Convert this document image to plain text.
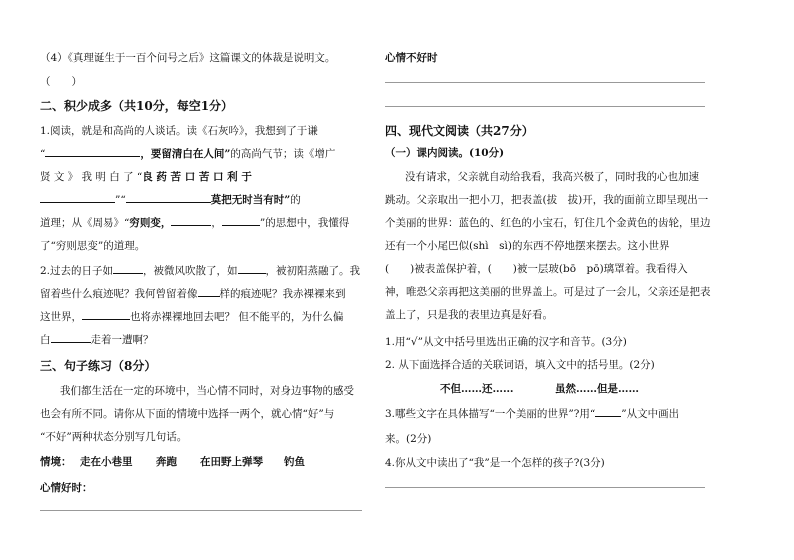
（4）《真理诞生于一百个问号之后》这篇课文的体裁是说明文。
（　　）
二、积少成多（共10分，每空1分）
1.阅读，就是和高尚的人谈话。读《石灰吟》，我想到了于谦
“	，要留清白在人间”的高尚气节；读《增广
贤 文 》 我 明 白 了 “良 药 苦 口 苦 口 利 于
”“	莫把无时当有时”的
道理；从《周易》“穷则变，	，	”的思想中，我懂得
了“穷则思变”的道理。
2.过去的日子如	，被微风吹散了，如	，被初阳蒸融了。我
留着些什么痕迹呢？我何曾留着像 样的痕迹呢？我赤裸裸来到
这世界，	也将赤裸裸地回去吧？ 但不能平的，为什么偏
白	走着一遭啊？
三、句子练习（8分）
我们都生活在一定的环境中，当心情不同时，对身边事物的感受
也会有所不同。请你从下面的情境中选择一两个，就心情“好”与
“不好”两种状态分别写几句话。
情境： 走在小巷里 奔跑 在田野上弹琴 钓鱼
心情好时：
心情不好时
四、现代文阅读（共27分）
（一）课内阅读。(10分)
没有请求，父亲就自动给我看，我高兴极了，同时我的心也加速
跳动。父亲取出一把小刀，把表盖(拔　拔)开，我的面前立即呈现出一
个美丽的世界：蓝色的、红色的小宝石，钉住几个金黄色的齿轮，里边
还有一个小尾巴似(shì　sì)的东西不停地摆来摆去。这小世界
(　　)被表盖保护着，(　　)被一层玻(bō　pō)璃罩着。我看得入
神，唯恐父亲再把这美丽的世界盖上。可是过了一会儿，父亲还是把表
盖上了，只是我的表里边真是好看。
1.用“√”从文中括号里选出正确的汉字和音节。(3分)
2. 从下面选择合适的关联词语，填入文中的括号里。(2分)
不但……还……	虽然……但是……
3.哪些文字在具体描写“一个美丽的世界”?用“ ”从文中画出
来。(2分)
4.你从文中读出了“我”是一个怎样的孩子?(3分)
